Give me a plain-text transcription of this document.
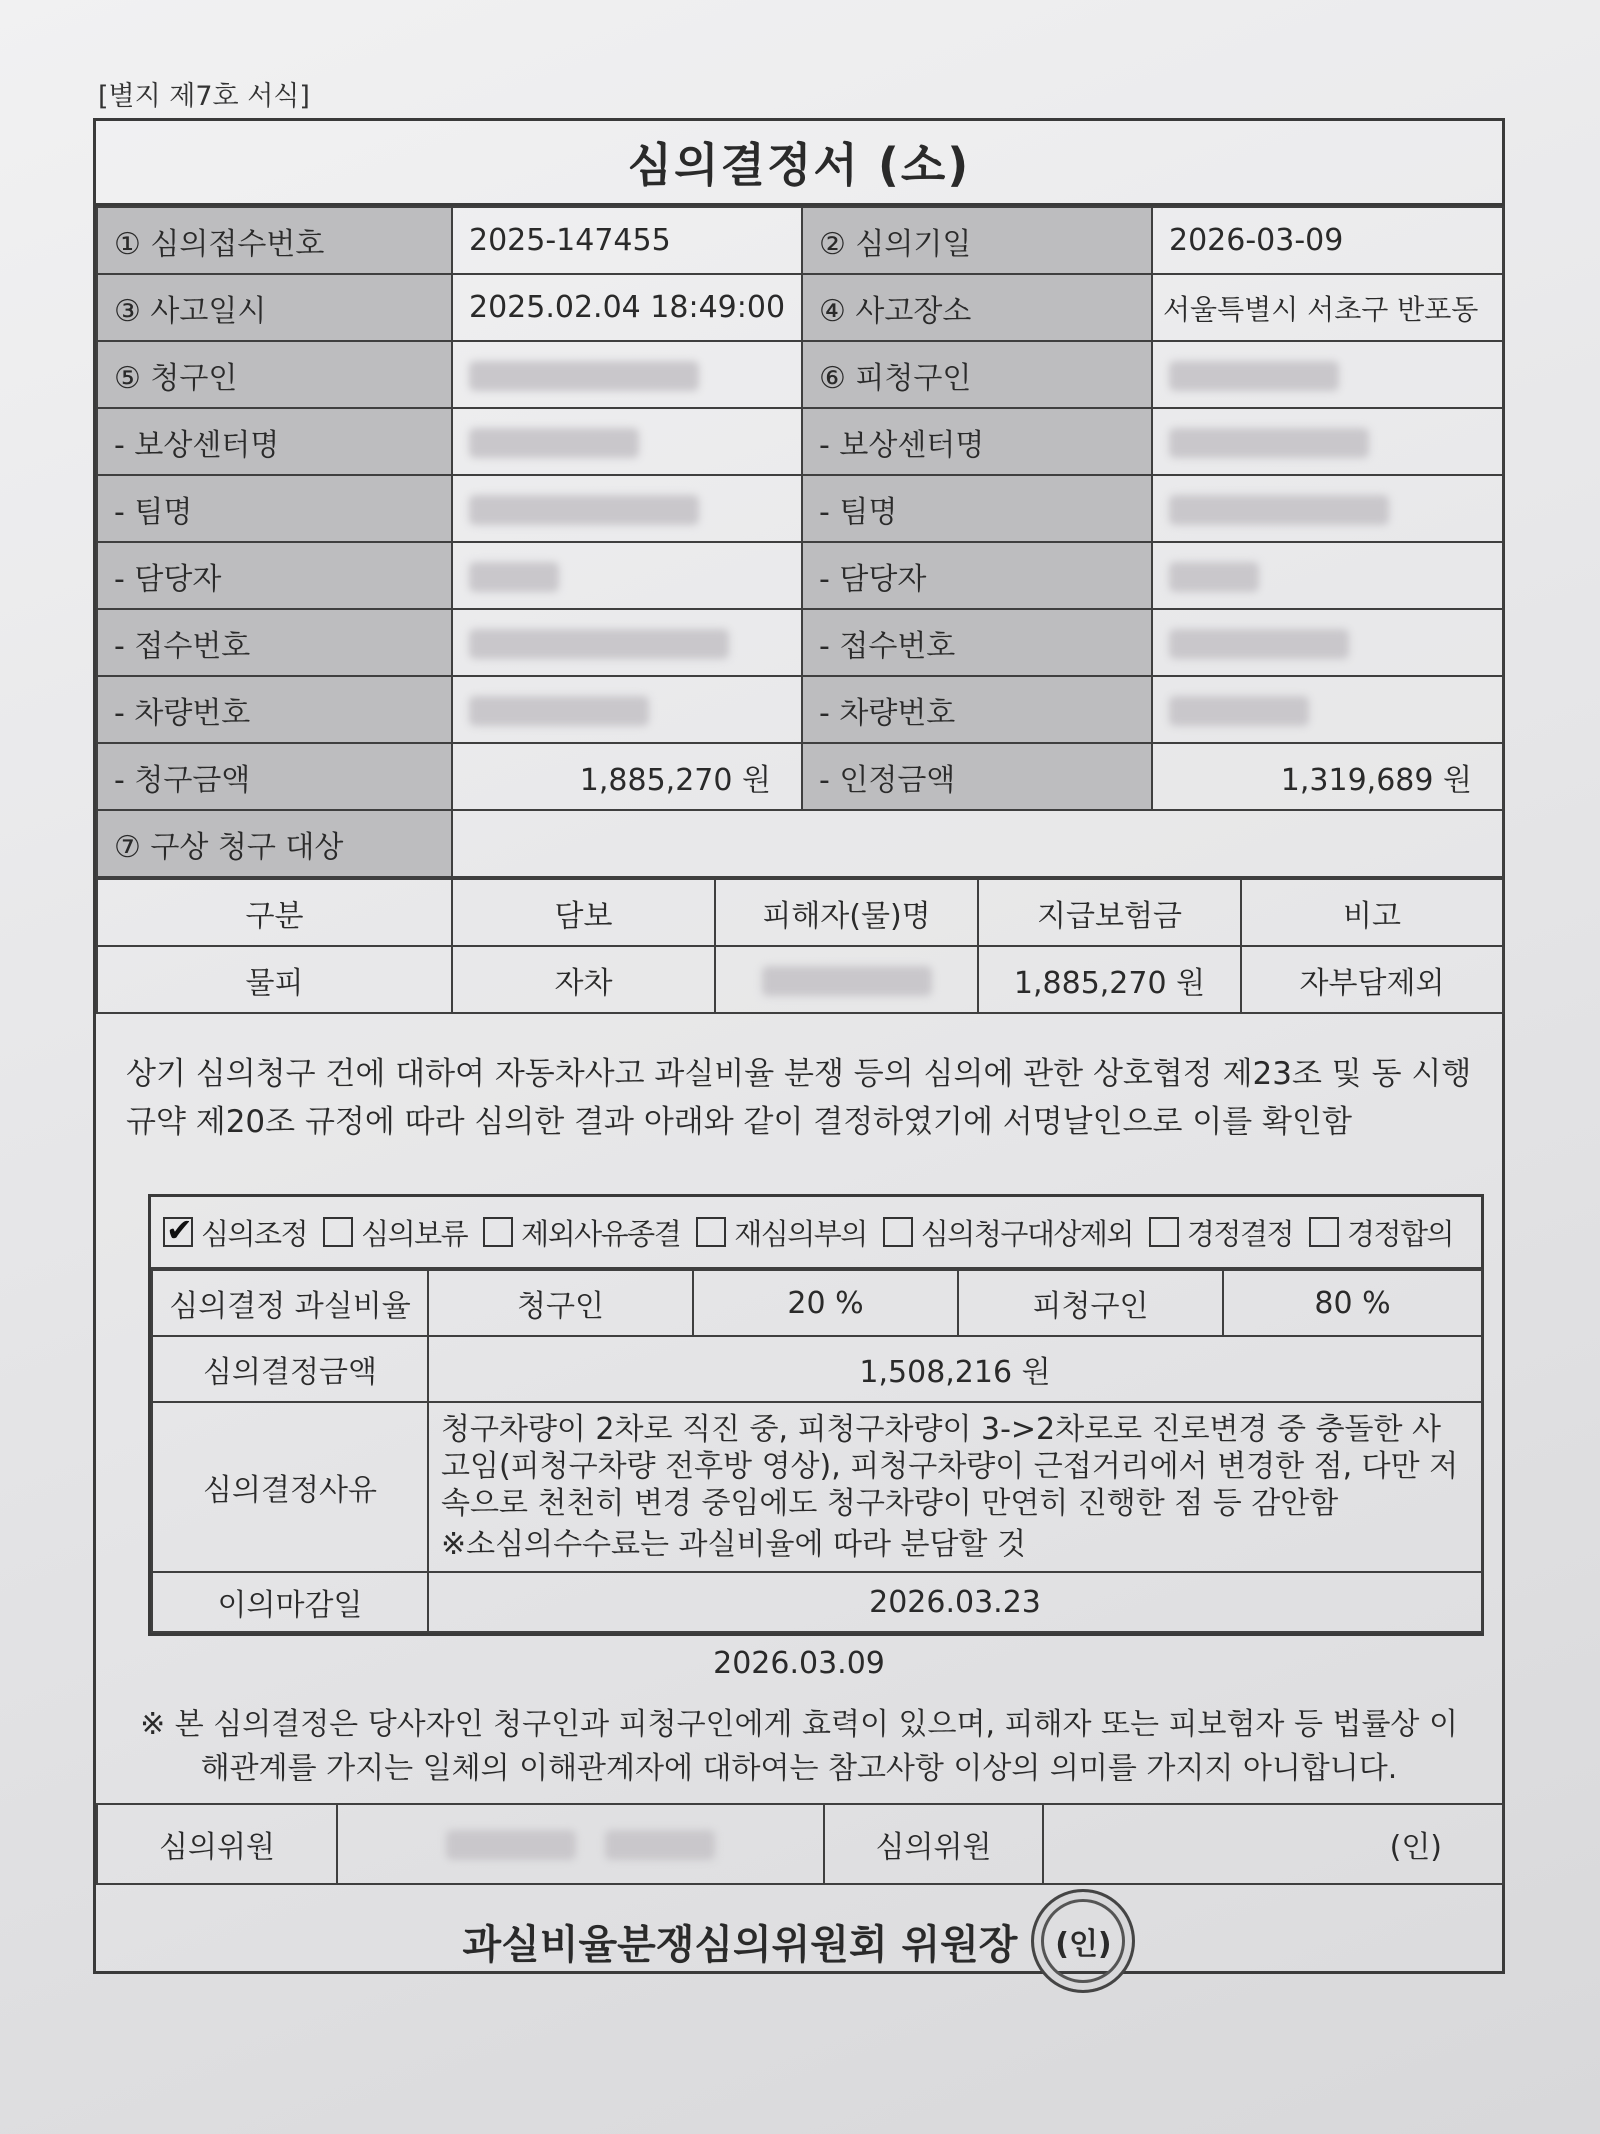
[별지 제7호 서식]
심의결정서 (소)
① 심의접수번호	2025-147455	② 심의기일	2026-03-09
③ 사고일시	2025.02.04 18:49:00	④ 사고장소	서울특별시 서초구 반포동
⑤ 청구인		⑥ 피청구인	
- 보상센터명		- 보상센터명	
- 팀명		- 팀명	
- 담당자		- 담당자	
- 접수번호		- 접수번호	
- 차량번호		- 차량번호	
- 청구금액	1,885,270 원	- 인정금액	1,319,689 원
⑦ 구상 청구 대상			
구분	담보	피해자(물)명	지급보험금	비고
물피	자차		1,885,270 원	자부담제외
상기 심의청구 건에 대하여 자동차사고 과실비율 분쟁 등의 심의에 관한 상호협정 제23조 및 동 시행규약 제20조 규정에 따라 심의한 결과 아래와 같이 결정하였기에 서명날인으로 이를 확인함
✔
심의조정 심의보류 제외사유종결 재심의부의 심의청구대상제외 경정결정 경정합의
심의결정 과실비율	청구인	20 %	피청구인	80 %
심의결정금액	1,508,216 원			
심의결정사유	청구차량이 2차로 직진 중, 피청구차량이 3->2차로로 진로변경 중 충돌한 사고임(피청구차량 전후방 영상), 피청구차량이 근접거리에서 변경한 점, 다만 저속으로 천천히 변경 중임에도 청구차량이 만연히 진행한 점 등 감안함
※소심의수수료는 과실비율에 따라 분담할 것			

이의마감일	2026.03.23			
2026.03.09
※ 본 심의결정은 당사자인 청구인과 피청구인에게 효력이 있으며, 피해자 또는 피보험자 등 법률상 이해관계를 가지는 일체의 이해관계자에 대하여는 참고사항 이상의 의미를 가지지 아니합니다.
심의위원		심의위원	(인)
과실비율분쟁심의위원회 위원장	(인)
